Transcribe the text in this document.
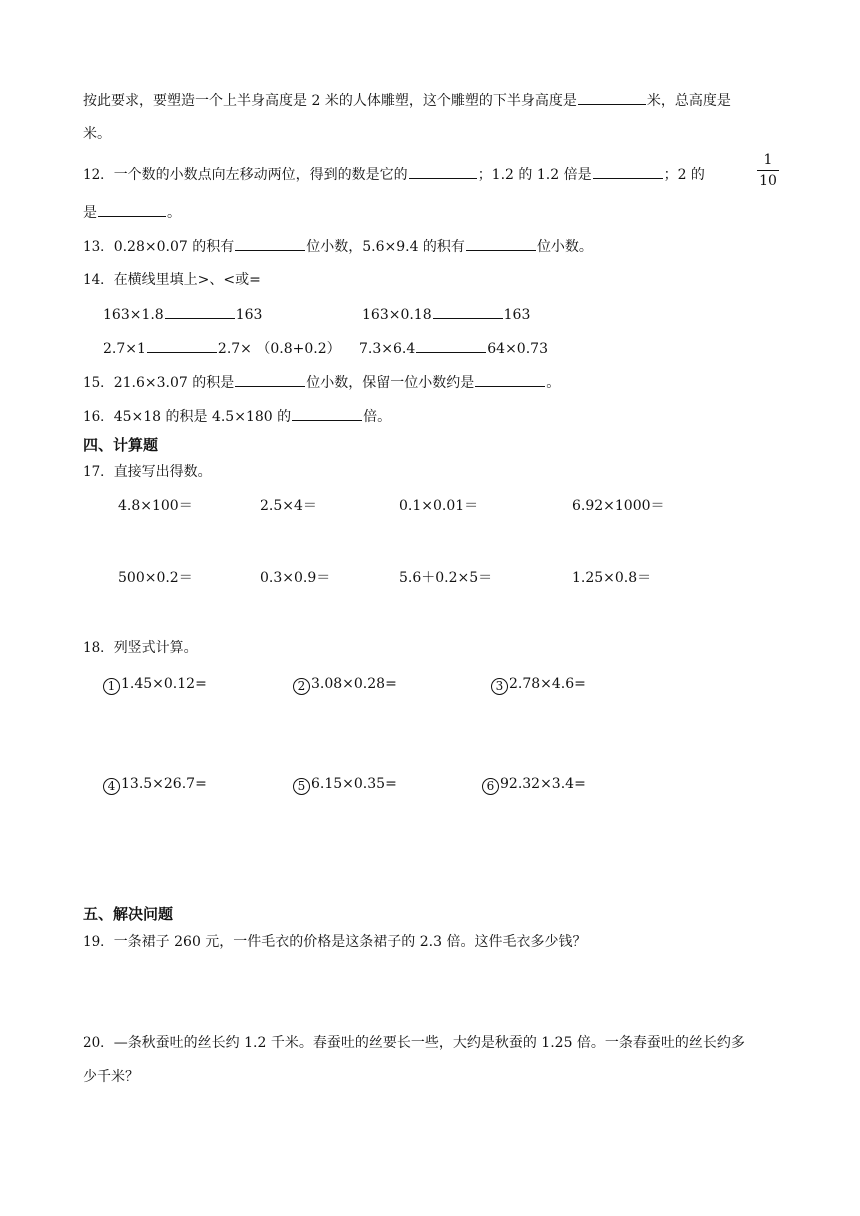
按此要求，要塑造一个上半身高度是 2 米的人体雕塑，这个雕塑的下半身高度是	米，总高度是
米。
12．一个数的小数点向左移动两位，得到的数是它的	；1.2 的 1.2 倍是	；2 的
1
10
是	。
13．0.28×0.07 的积有	位小数，5.6×9.4 的积有	位小数。
14．在横线里填上>、<或=
163×1.8	163	163×0.18	163
2.7×1	2.7× （0.8+0.2） 7.3×6.4	64×0.73
15．21.6×3.07 的积是	位小数，保留一位小数约是	。
16．45×18 的积是 4.5×180 的	倍。
四、计算题
17．直接写出得数。
4.8×100＝	2.5×4＝	0.1×0.01＝	6.92×1000＝
500×0.2＝	0.3×0.9＝	5.6＋0.2×5＝	1.25×0.8＝
18．列竖式计算。
1 1.45×0.12=	2 3.08×0.28=	3 2.78×4.6=
4 13.5×26.7=	5 6.15×0.35=	6 92.32×3.4=
五、解决问题
19．一条裙子 260 元，一件毛衣的价格是这条裙子的 2.3 倍。这件毛衣多少钱？
20．—条秋蚕吐的丝长约 1.2 千米。春蚕吐的丝要长一些，大约是秋蚕的 1.25 倍。一条春蚕吐的丝长约多
少千米？
